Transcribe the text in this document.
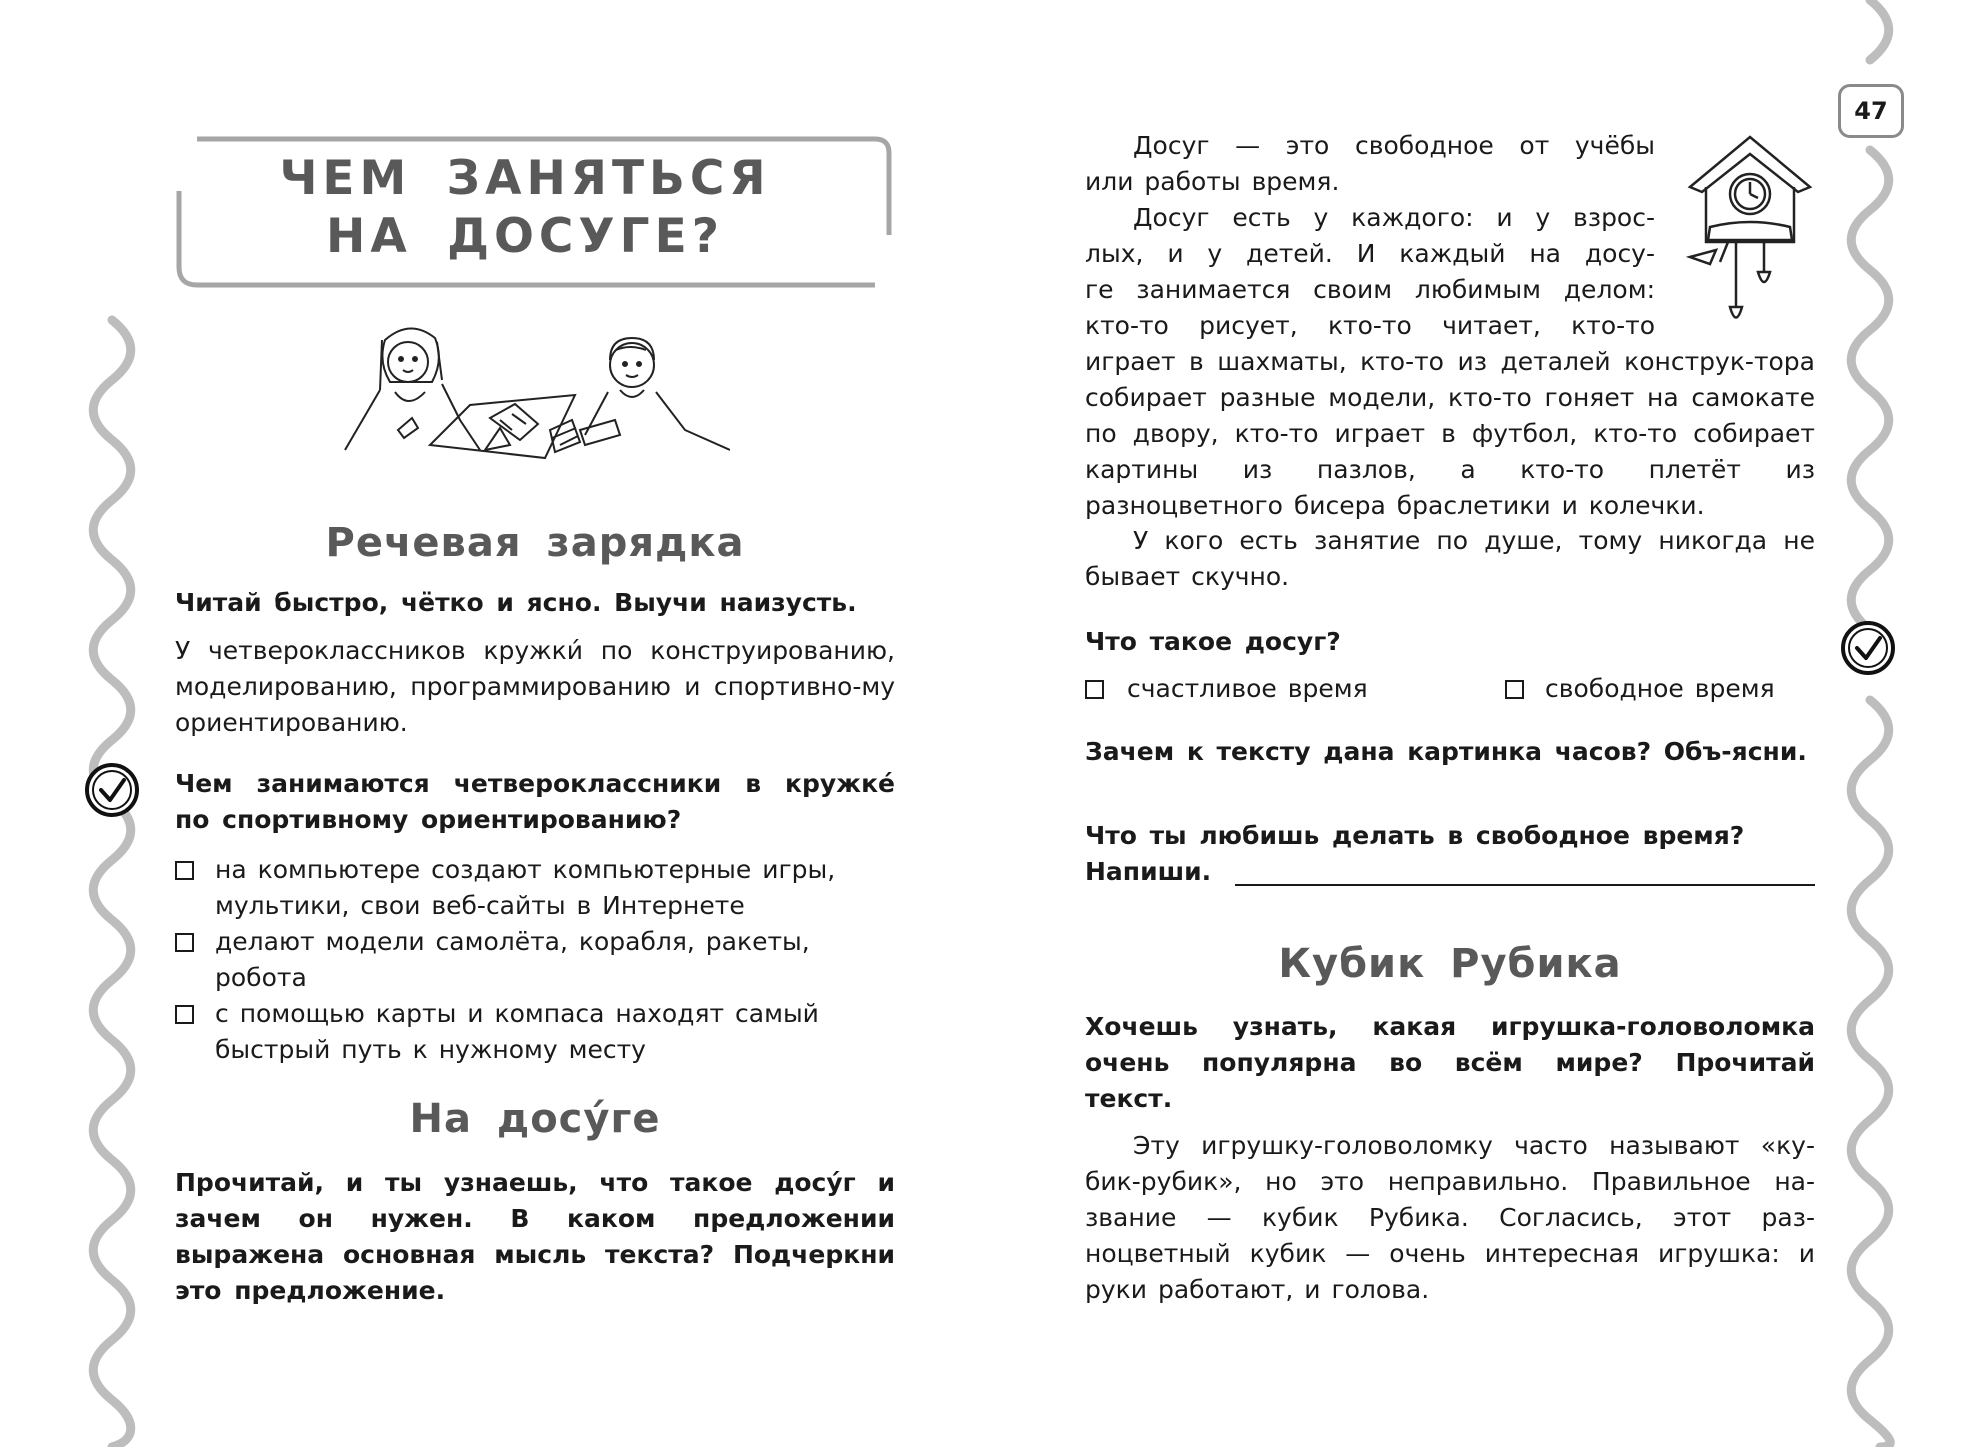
47
ЧЕМ ЗАНЯТЬСЯ
НА ДОСУГЕ?
Речевая зарядка
Читай быстро, чётко и ясно. Выучи наизусть.
У четвероклассников кружки́ по конструированию, моделированию, программированию и спортивно-му ориентированию.
Чем занимаются четвероклассники в кружке́ по спортивному ориентированию?
на компьютере создают компьютерные игры,
мультики, свои веб-сайты в Интернете
делают модели самолёта, корабля, ракеты,
робота
с помощью карты и компаса находят самый
быстрый путь к нужному месту
На досу́ге
Прочитай, и ты узнаешь, что такое досу́г и зачем он нужен. В каком предложении выражена основная мысль текста? Подчеркни это предложение.
Досуг — это свободное от учёбы
или работы время.
Досуг есть у каждого: и у взрос-
лых, и у детей. И каждый на досу-
ге занимается своим любимым делом:
кто-то рисует, кто-то читает, кто-то
играет в шахматы, кто-то из деталей конструк-тора собирает разные модели, кто-то гоняет на самокате по двору, кто-то играет в футбол, кто-то собирает картины из пазлов, а кто-то плетёт из разноцветного бисера браслетики и колечки.
У кого есть занятие по душе, тому никогда не бывает скучно.
Что такое досуг?
счастливое время	свободное время
Зачем к тексту дана картинка часов? Объ-ясни.
Что ты любишь делать в свободное время?
Напиши.
Кубик Рубика
Хочешь узнать, какая игрушка-головоломка очень популярна во всём мире? Прочитай текст.
Эту игрушку-головоломку часто называют «ку-бик-рубик», но это неправильно. Правильное на-звание — кубик Рубика. Согласись, этот раз-ноцветный кубик — очень интересная игрушка: и руки работают, и голова.
